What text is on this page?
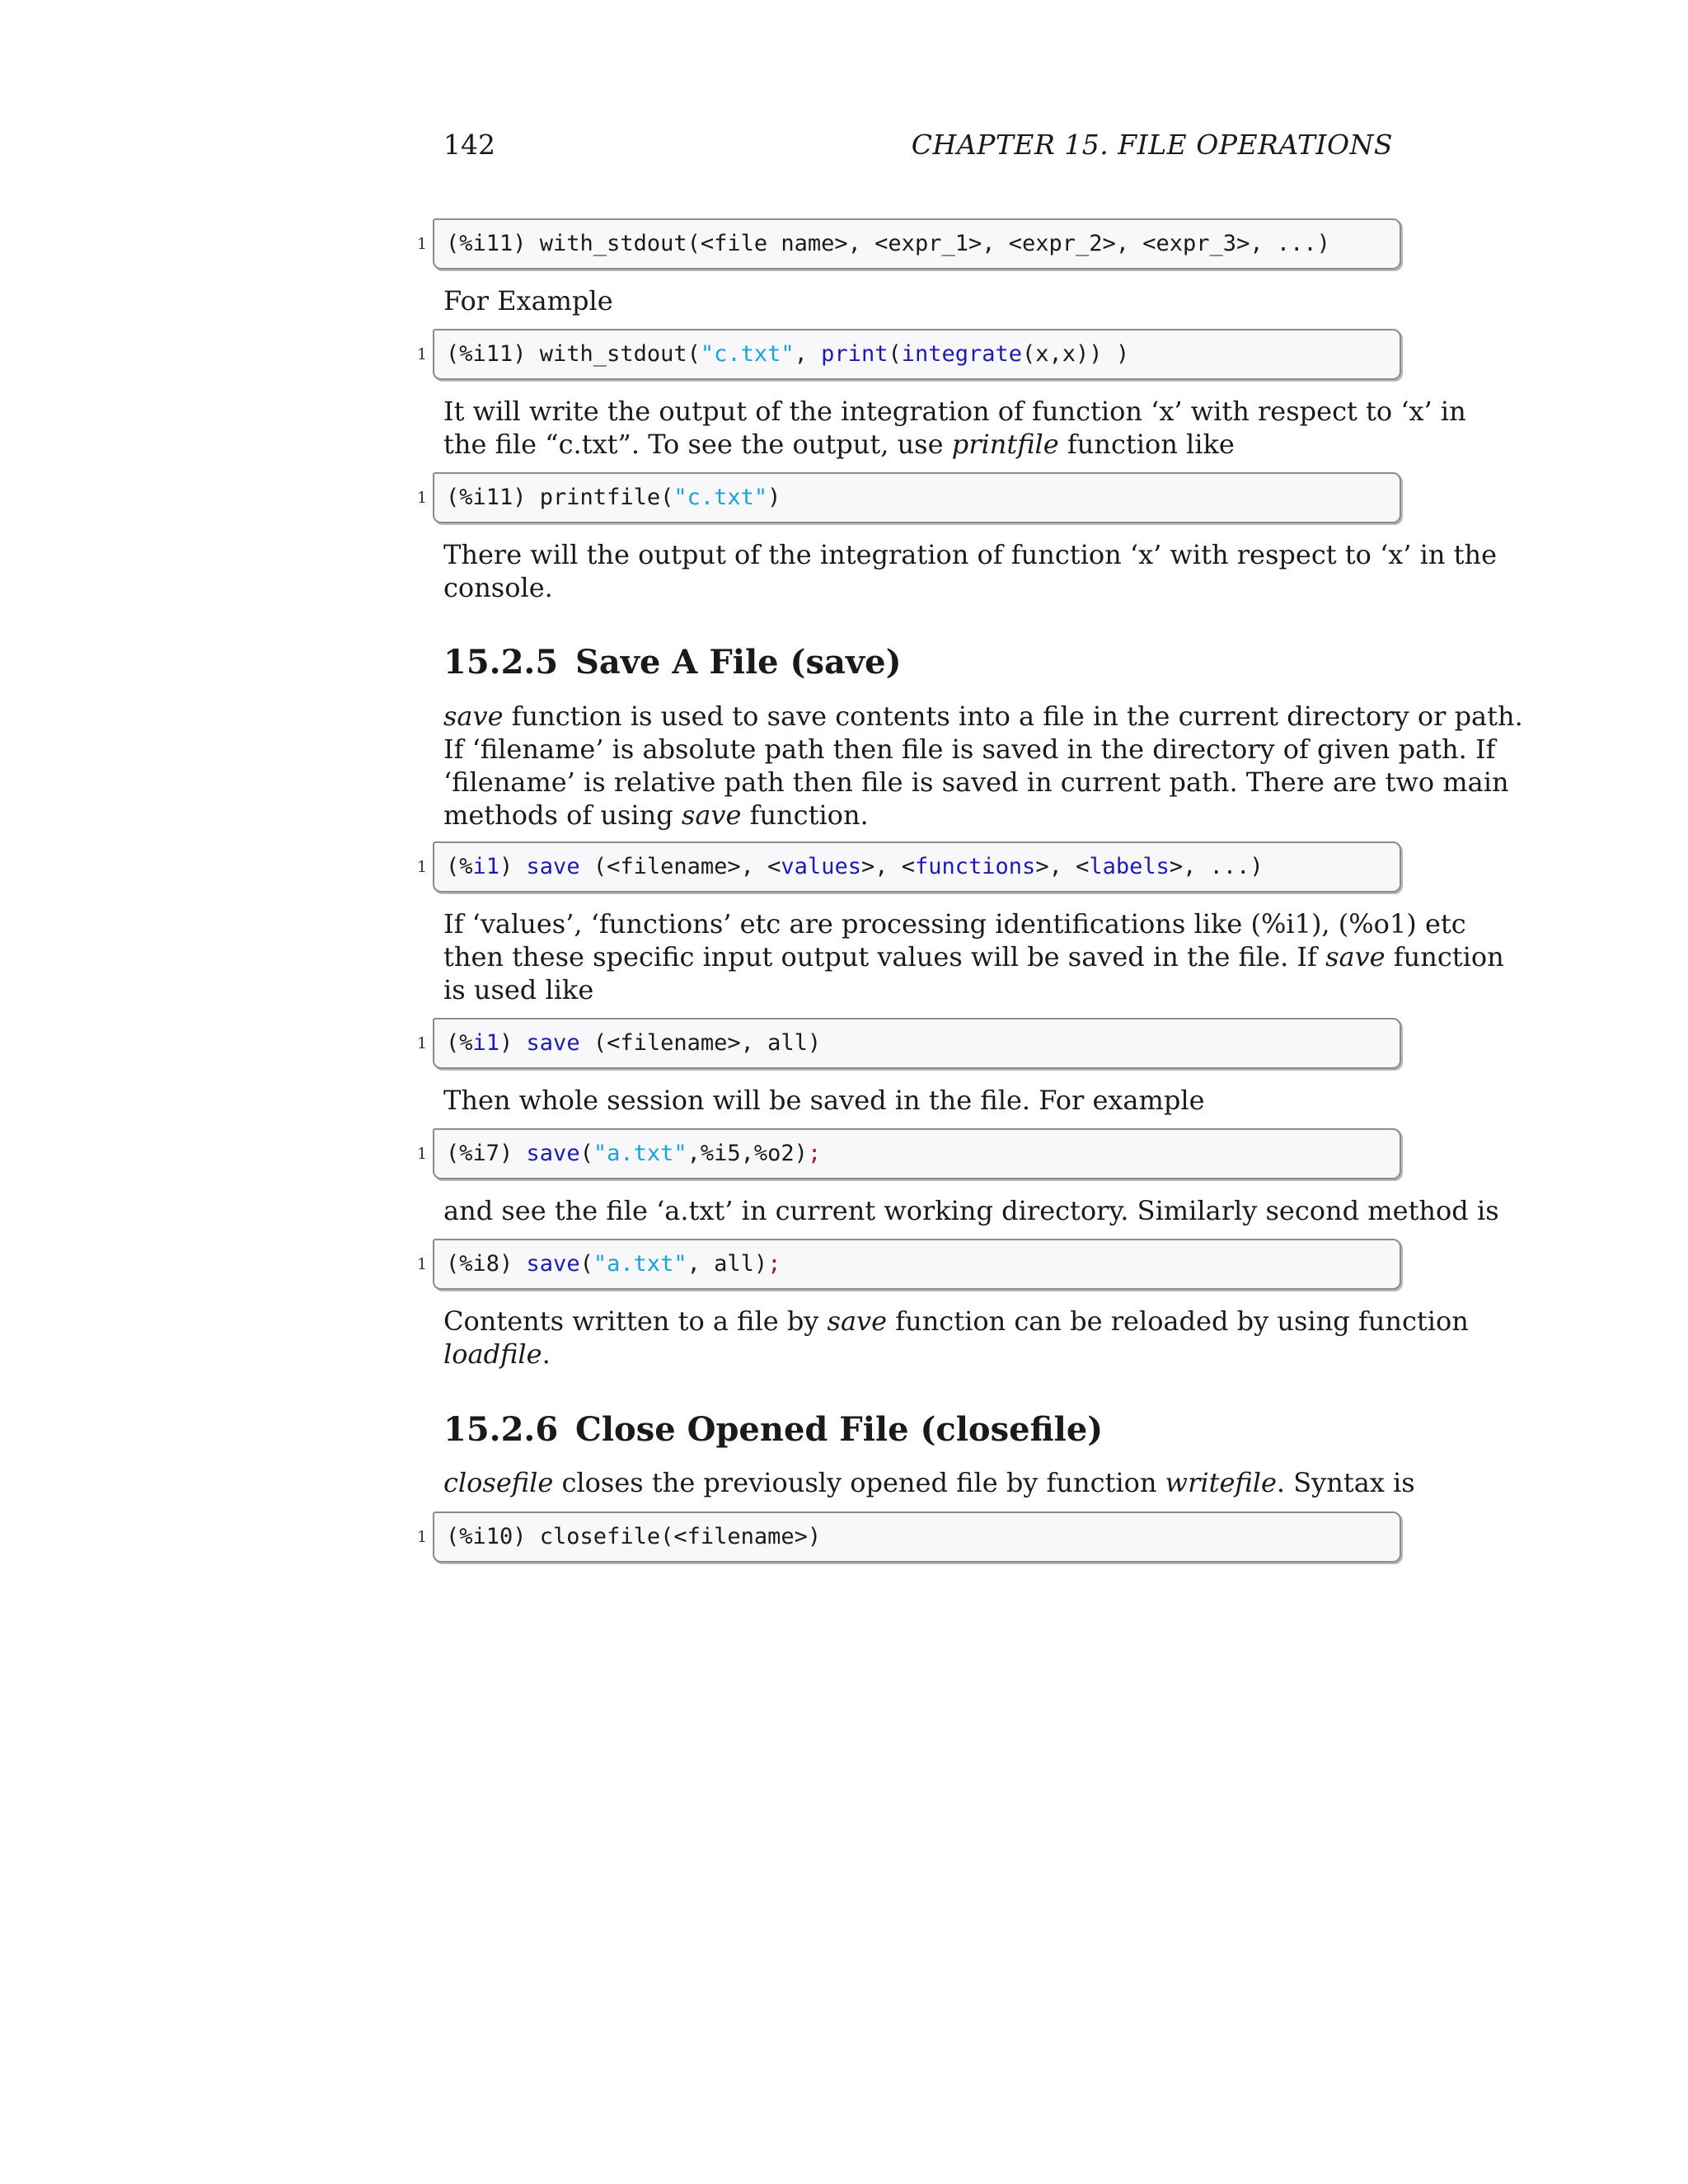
142	CHAPTER 15. FILE OPERATIONS
1 (%i11) with_stdout(<file name>, <expr_1>, <expr_2>, <expr_3>, ...)
For Example
1 (%i11) with_stdout("c.txt", print(integrate(x,x)) )
It will write the output of the integration of function ‘x’ with respect to ‘x’ in
the file “c.txt”. To see the output, use printfile function like
1 (%i11) printfile("c.txt")
There will the output of the integration of function ‘x’ with respect to ‘x’ in the
console.
15.2.5 Save A File (save)
save function is used to save contents into a file in the current directory or path.
If ‘filename’ is absolute path then file is saved in the directory of given path. If
‘filename’ is relative path then file is saved in current path. There are two main
methods of using save function.
1 (%i1) save (<filename>, <values>, <functions>, <labels>, ...)
If ‘values’, ‘functions’ etc are processing identifications like (%i1), (%o1) etc
then these specific input output values will be saved in the file. If save function
is used like
1 (%i1) save (<filename>, all)
Then whole session will be saved in the file. For example
1 (%i7) save("a.txt",%i5,%o2);
and see the file ‘a.txt’ in current working directory. Similarly second method is
1 (%i8) save("a.txt", all);
Contents written to a file by save function can be reloaded by using function
loadfile.
15.2.6 Close Opened File (closefile)
closefile closes the previously opened file by function writefile. Syntax is
1 (%i10) closefile(<filename>)
